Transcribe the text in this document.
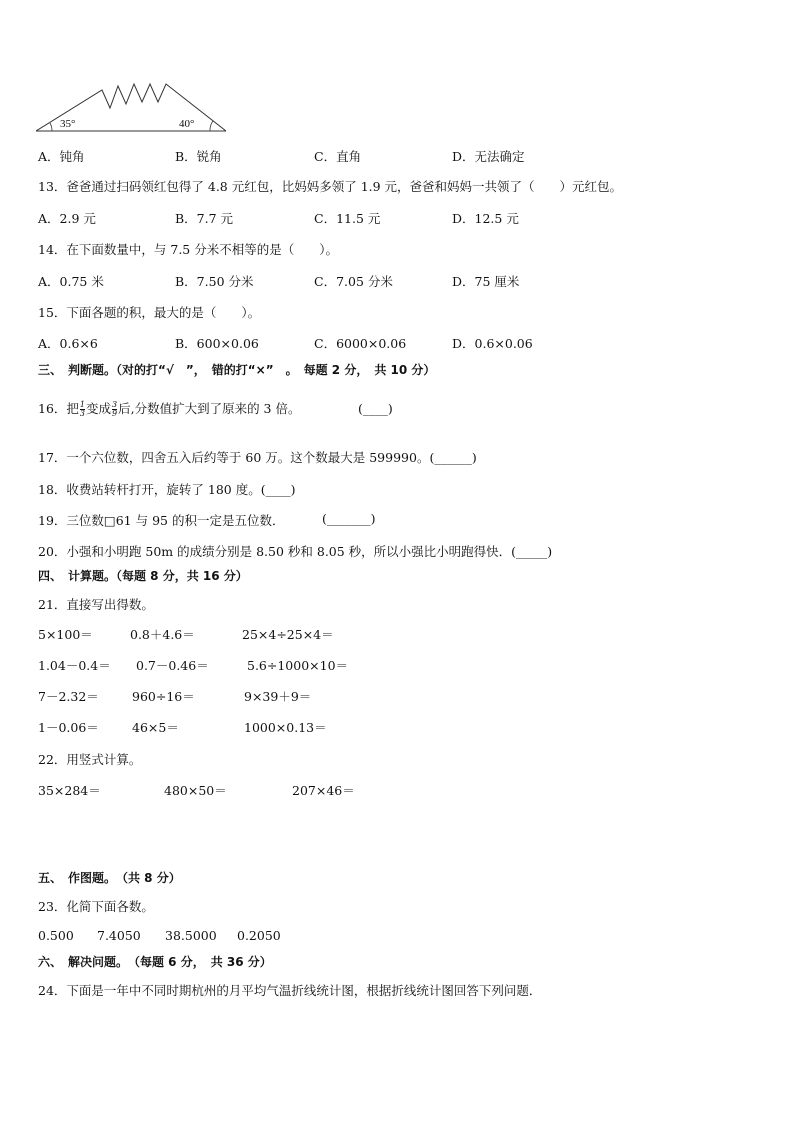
35°	40°
A．钝角	B．锐角	C．直角	D．无法确定
13．爸爸通过扫码领红包得了 4.8 元红包，比妈妈多领了 1.9 元，爸爸和妈妈一共领了（　　）元红包。
A．2.9 元	B．7.7 元	C．11.5 元	D．12.5 元
14．在下面数量中，与 7.5 分米不相等的是（　　）。
A．0.75 米	B．7.50 分米	C．7.05 分米	D．75 厘米
15．下面各题的积，最大的是（　　）。
A．0.6×6	B．600×0.06	C．6000×0.06	D．0.6×0.06
三、　判断题。（对的打“√　”，　错的打“×”　。　每题 2 分，　共 10 分）
16．把 $\frac{1}{3}$ 变成 $\frac{3}{9}$ 后,分数值扩大到了原来的 3 倍。	(____)
17．一个六位数，四舍五入后约等于 60 万。这个数最大是 599990。(______)
18．收费站转杆打开，旋转了 180 度。(____)
19．三位数□61 与 95 的积一定是五位数．	(_______)
20．小强和小明跑 50m 的成绩分别是 8.50 秒和 8.05 秒，所以小强比小明跑得快．(_____)
四、　计算题。（每题 8 分，共 16 分）
21．直接写出得数。
5×100＝	0.8＋4.6＝	25×4÷25×4＝
1.04－0.4＝ 0.7－0.46＝	5.6÷1000×10＝
7－2.32＝	960÷16＝	9×39＋9＝
1－0.06＝	46×5＝	1000×0.13＝
22．用竖式计算。
35×284＝	480×50＝	207×46＝
五、　作图题。　（共 8 分）
23．化简下面各数。
0.500 7.4050 38.5000 0.2050
六、　解决问题。　（每题 6 分，　共 36 分）
24．下面是一年中不同时期杭州的月平均气温折线统计图，根据折线统计图回答下列问题．
